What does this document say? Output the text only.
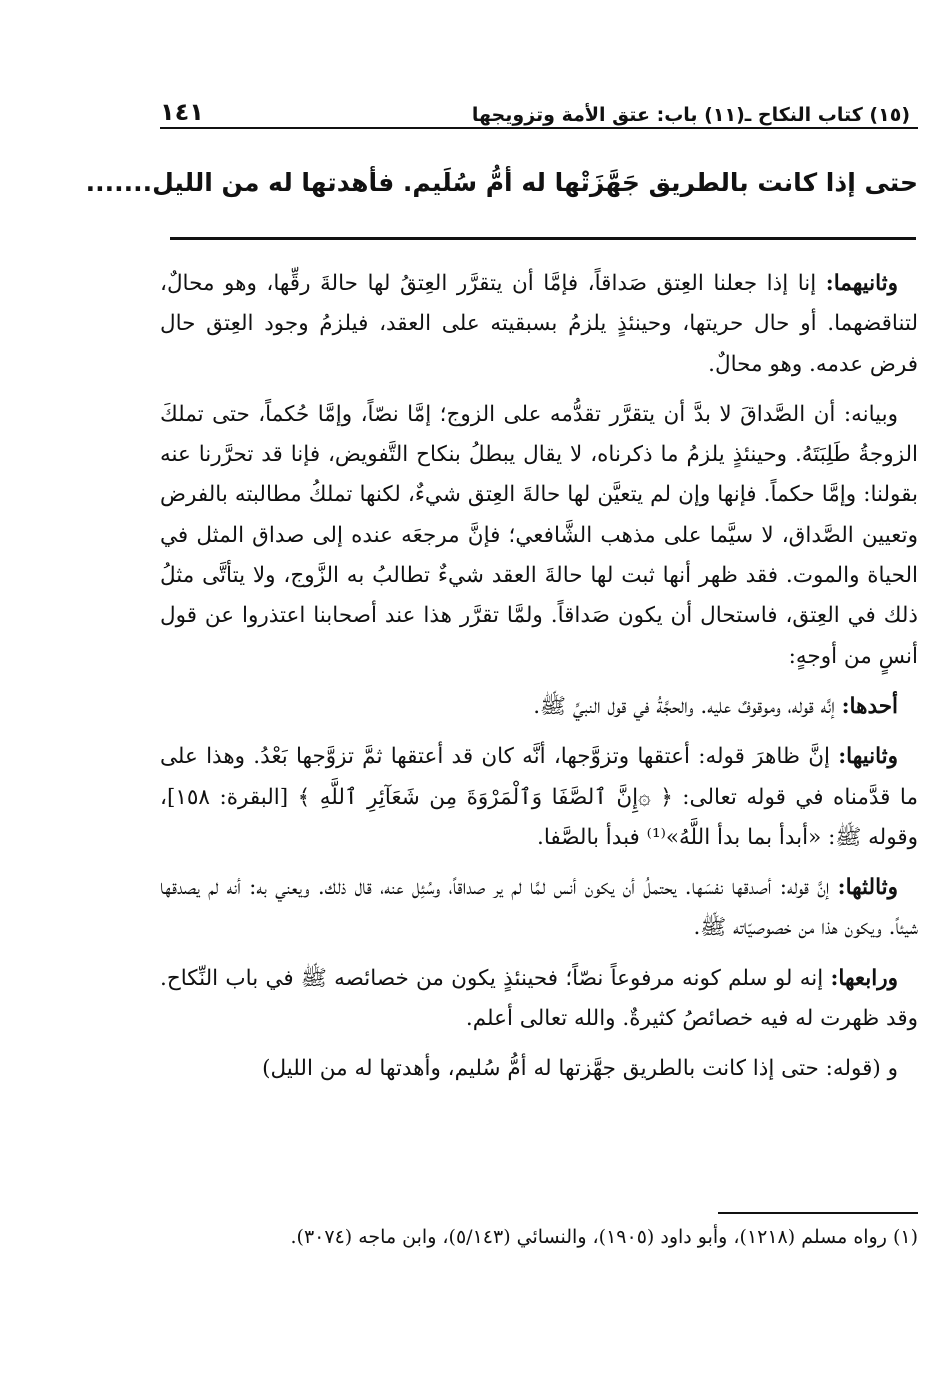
(١٥) كتاب النكاح ـ(١١) باب: عتق الأمة وتزويجها
١٤١
حتى إذا كانت بالطريق جَهَّزَتْها له أمُّ سُلَيم. فأهدتها له من الليل.......

وثانيهما: إنا إذا جعلنا العِتق صَداقاً، فإمَّا أن يتقرَّر العِتقُ لها حالةَ رقِّها، وهو محالٌ، لتناقضهما. أو حال حريتها، وحينئذٍ يلزمُ بسبقيته على العقد، فيلزمُ وجود العِتق حال فرض عدمه. وهو محالٌ.

وبيانه: أن الصَّداقَ لا بدَّ أن يتقرَّر تقدُّمه على الزوج؛ إمَّا نصّاً، وإمَّا حُكماً، حتى تملكَ الزوجةُ طَلِبَتَهُ. وحينئذٍ يلزمُ ما ذكرناه، لا يقال يبطلُ بنكاح التَّفويض، فإنا قد تحرَّرنا عنه بقولنا: وإمَّا حكماً. فإنها وإن لم يتعيَّن لها حالةَ العِتق شيءٌ، لكنها تملكُ مطالبته بالفرض وتعيين الصَّداق، لا سيَّما على مذهب الشَّافعي؛ فإنَّ مرجعَه عنده إلى صداق المثل في الحياة والموت. فقد ظهر أنها ثبت لها حالةَ العقد شيءٌ تطالبُ به الزَّوج، ولا يتأتَّى مثلُ ذلك في العِتق، فاستحال أن يكون صَداقاً. ولمَّا تقرَّر هذا عند أصحابنا اعتذروا عن قول أنسٍ من أوجهٍ:

أحدها: إنَّه قوله، وموقوفٌ عليه. والحجَّةُ في قول النبيِّ ﷺ.

وثانيها: إنَّ ظاهرَ قوله: أعتقها وتزوَّجها، أنَّه كان قد أعتقها ثمَّ تزوَّجها بَعْدُ. وهذا على ما قدَّمناه في قوله تعالى: ﴿ ۞إِنَّ ٱلصَّفَا وَٱلْمَرْوَةَ مِن شَعَآئِرِ ٱللَّهِ ﴾ [البقرة: ١٥٨]، وقوله ﷺ: «أبدأ بما بدأ اللَّهُ»⁽¹⁾ فبدأ بالصَّفا.

وثالثها: إنَّ قوله: أصدقها نفسَها. يحتملُ أن يكون أنس لمَّا لم ير صداقاً، وسُئِل عنه، قال ذلك. ويعني به: أنه لم يصدقها شيئاً. ويكون هذا من خصوصيّاته ﷺ.

ورابعها: إنه لو سلم كونه مرفوعاً نصّاً؛ فحينئذٍ يكون من خصائصه ﷺ في باب النِّكاح. وقد ظهرت له فيه خصائصُ كثيرةٌ. والله تعالى أعلم.

و (قوله: حتى إذا كانت بالطريق جهَّزتها له أمُّ سُليم، وأهدتها له من الليل)

(١) رواه مسلم (١٢١٨)، وأبو داود (١٩٠٥)، والنسائي (٥/١٤٣)، وابن ماجه (٣٠٧٤).
